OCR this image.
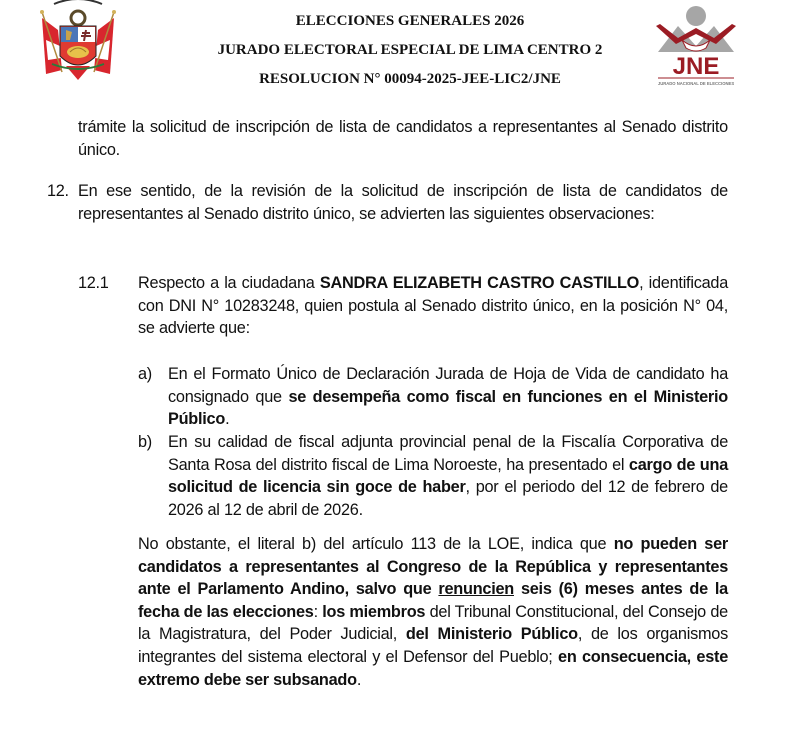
ELECCIONES GENERALES 2026
JURADO ELECTORAL ESPECIAL DE LIMA CENTRO 2
RESOLUCION N° 00094-2025-JEE-LIC2/JNE	JNE
JURADO NACIONAL DE ELECCIONES
trámite la solicitud de inscripción de lista de candidatos a representantes al Senado distrito único.
12. En ese sentido, de la revisión de la solicitud de inscripción de lista de candidatos de representantes al Senado distrito único, se advierten las siguientes observaciones:
12.1 Respecto a la ciudadana SANDRA ELIZABETH CASTRO CASTILLO, identificada con DNI N° 10283248, quien postula al Senado distrito único, en la posición N° 04, se advierte que:
a) En el Formato Único de Declaración Jurada de Hoja de Vida de candidato ha consignado que se desempeña como fiscal en funciones en el Ministerio Público.
b) En su calidad de fiscal adjunta provincial penal de la Fiscalía Corporativa de Santa Rosa del distrito fiscal de Lima Noroeste, ha presentado el cargo de una solicitud de licencia sin goce de haber, por el periodo del 12 de febrero de 2026 al 12 de abril de 2026.
No obstante, el literal b) del artículo 113 de la LOE, indica que no pueden ser candidatos a representantes al Congreso de la República y representantes ante el Parlamento Andino, salvo que renuncien seis (6) meses antes de la fecha de las elecciones: los miembros del Tribunal Constitucional, del Consejo de la Magistratura, del Poder Judicial, del Ministerio Público, de los organismos integrantes del sistema electoral y el Defensor del Pueblo; en consecuencia, este extremo debe ser subsanado.
